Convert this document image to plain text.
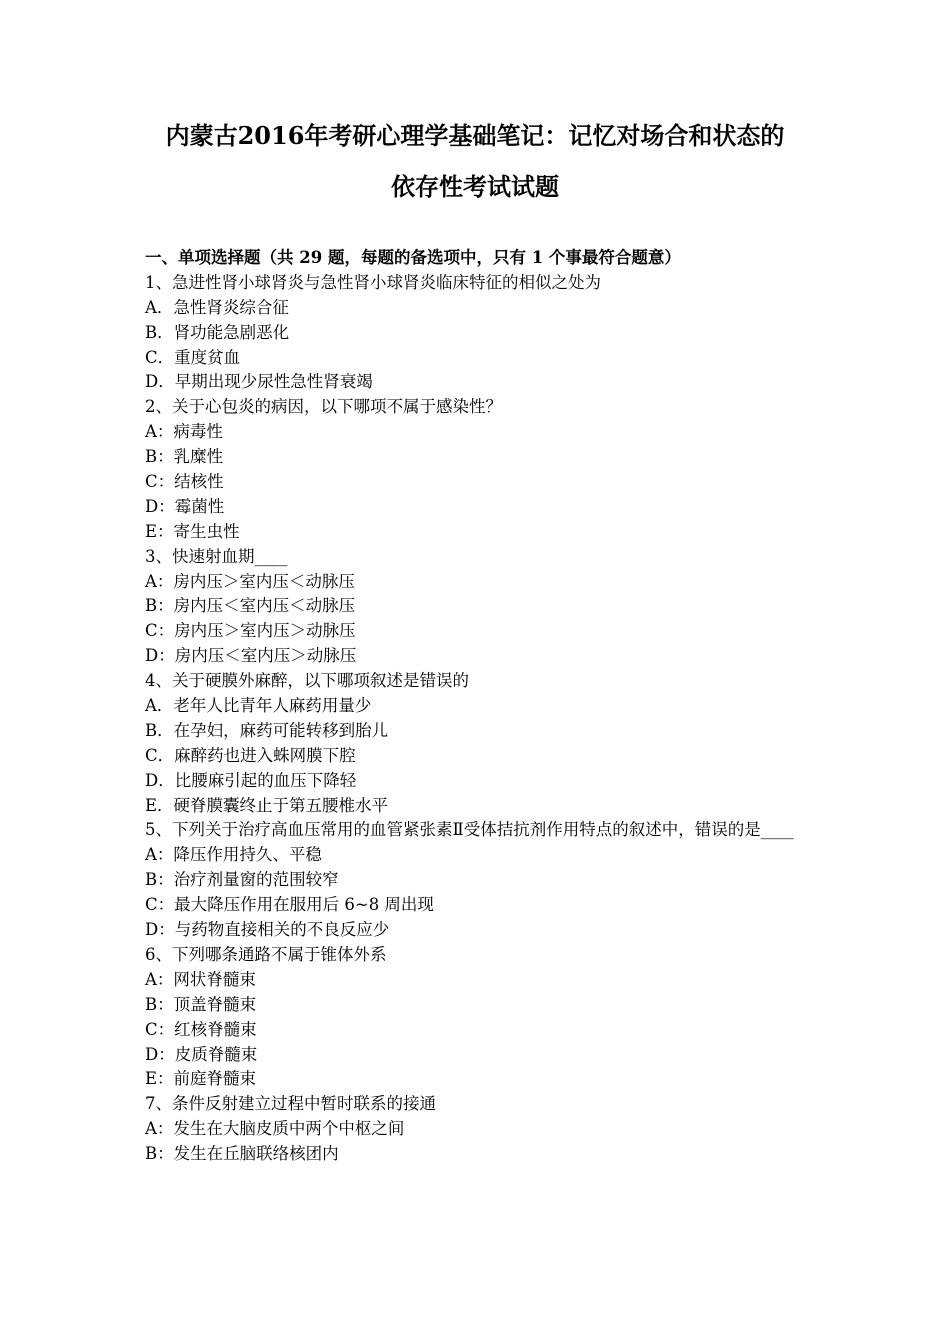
内蒙古2016年考研心理学基础笔记：记忆对场合和状态的
依存性考试试题
一、单项选择题（共 29 题，每题的备选项中，只有 1 个事最符合题意）
1、急进性肾小球肾炎与急性肾小球肾炎临床特征的相似之处为
A．急性肾炎综合征
B．肾功能急剧恶化
C．重度贫血
D．早期出现少尿性急性肾衰竭
2、关于心包炎的病因，以下哪项不属于感染性？
A：病毒性
B：乳糜性
C：结核性
D：霉菌性
E：寄生虫性
3、快速射血期____
A：房内压＞室内压＜动脉压
B：房内压＜室内压＜动脉压
C：房内压＞室内压＞动脉压
D：房内压＜室内压＞动脉压
4、关于硬膜外麻醉，以下哪项叙述是错误的
A．老年人比青年人麻药用量少
B．在孕妇，麻药可能转移到胎儿
C．麻醉药也进入蛛网膜下腔
D．比腰麻引起的血压下降轻
E．硬脊膜囊终止于第五腰椎水平
5、下列关于治疗高血压常用的血管紧张素Ⅱ受体拮抗剂作用特点的叙述中，错误的是____
A：降压作用持久、平稳
B：治疗剂量窗的范围较窄
C：最大降压作用在服用后 6~8 周出现
D：与药物直接相关的不良反应少
6、下列哪条通路不属于锥体外系
A：网状脊髓束
B：顶盖脊髓束
C：红核脊髓束
D：皮质脊髓束
E：前庭脊髓束
7、条件反射建立过程中暂时联系的接通
A：发生在大脑皮质中两个中枢之间
B：发生在丘脑联络核团内
